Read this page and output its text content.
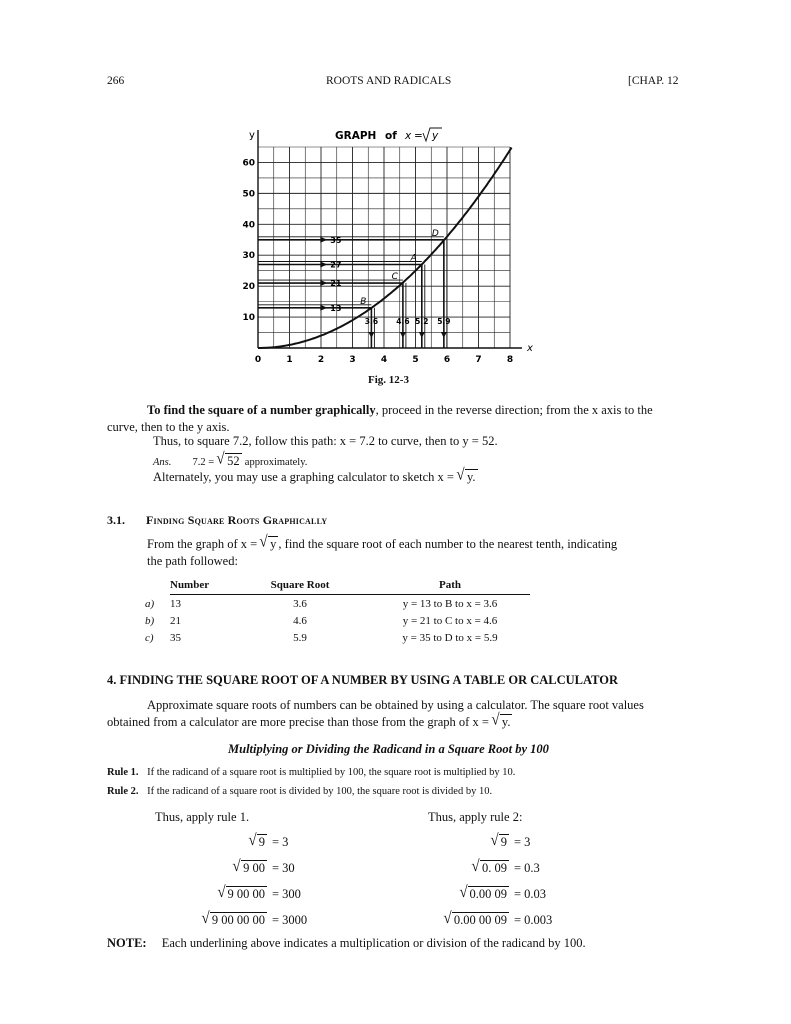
266	ROOTS AND RADICALS	[CHAP. 12
0	1	2	3	4	5	6	7	8
10
20
30
40
50
60
13
3.6
B
21
4.6
C
27
5.2
A
35
5.9
D
y
x
GRAPH of x = y
Fig. 12-3
To find the square of a number graphically, proceed in the reverse direction; from the x axis to the
curve, then to the y axis.
Thus, to square 7.2, follow this path: x = 7.2 to curve, then to y = 52.
Ans. 7.2 = √ 52 approximately.
Alternately, you may use a graphing calculator to sketch x = √ y.
3.1. Finding Square Roots Graphically
From the graph of x = √ y , find the square root of each number to the nearest tenth, indicating
the path followed:
	Number	Square Root	Path
a)	13	3.6	y = 13 to B to x = 3.6
b)	21	4.6	y = 21 to C to x = 4.6
c)	35	5.9	y = 35 to D to x = 5.9
4. FINDING THE SQUARE ROOT OF A NUMBER BY USING A TABLE OR CALCULATOR
Approximate square roots of numbers can be obtained by using a calculator. The square root values
obtained from a calculator are more precise than those from the graph of x = √ y.
Multiplying or Dividing the Radicand in a Square Root by 100
Rule 1. If the radicand of a square root is multiplied by 100, the square root is multiplied by 10.
Rule 2. If the radicand of a square root is divided by 100, the square root is divided by 10.
Thus, apply rule 1.	Thus, apply rule 2:
√ 9 = 3
√ 9 00 = 30
√ 9 00 00 = 300
√ 9 00 00 00 = 3000
√ 9 = 3
√ 0. 09 = 0.3
√ 0.00 09 = 0.03
√ 0.00 00 09 = 0.003
NOTE: Each underlining above indicates a multiplication or division of the radicand by 100.
